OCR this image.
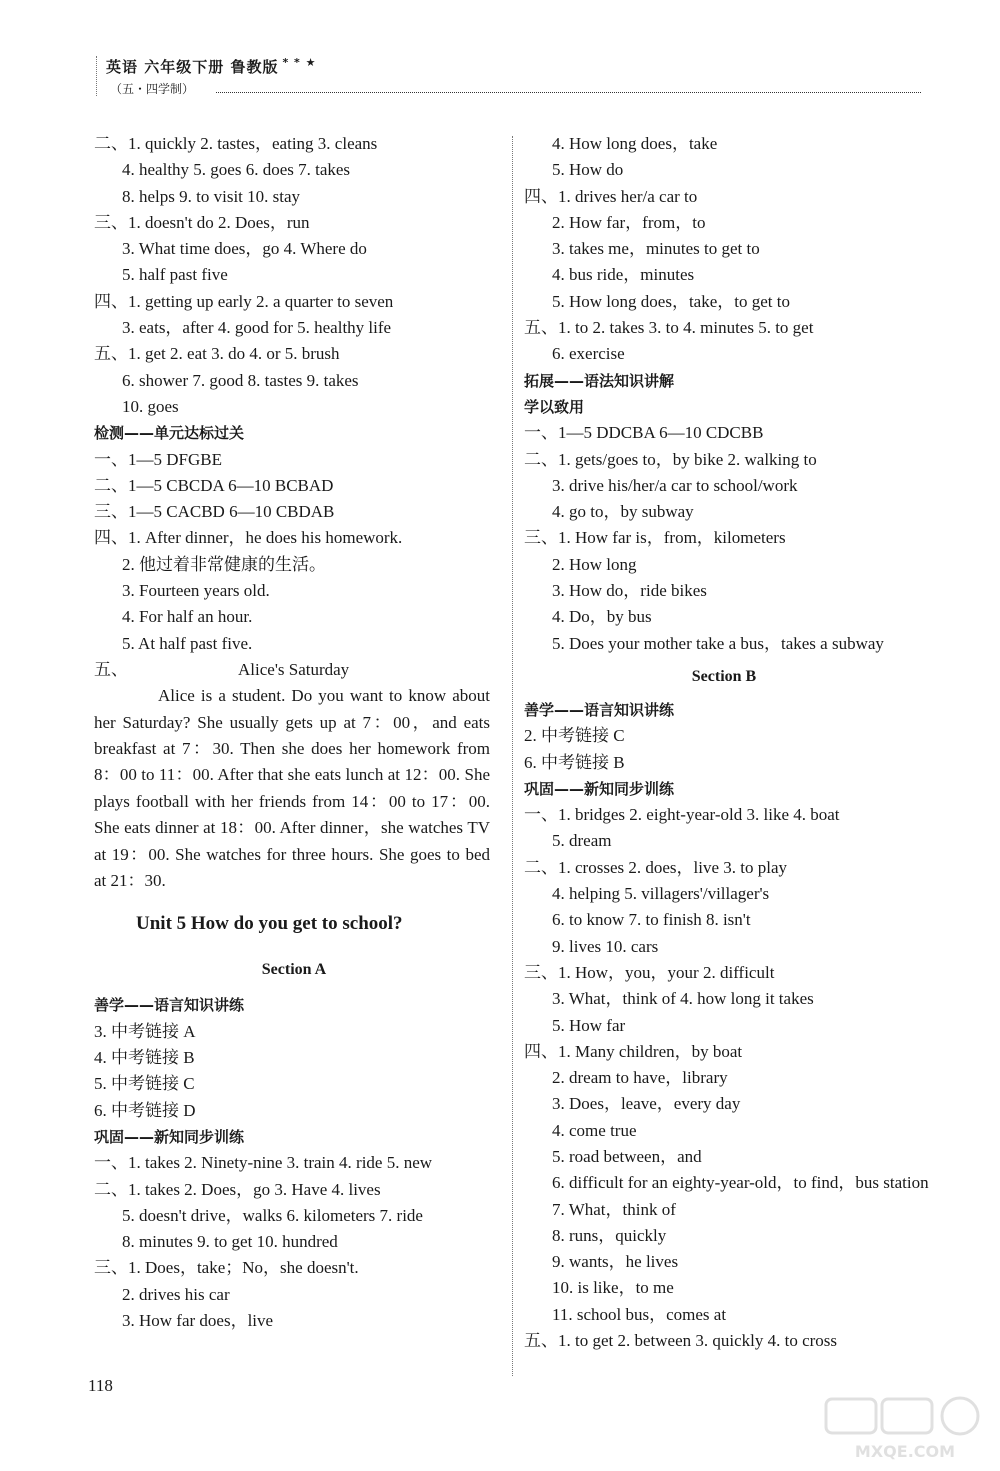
英语 六年级下册 鲁教版 * * ★
（五・四学制）
二、1. quickly 2. tastes，eating 3. cleans
4. healthy 5. goes 6. does 7. takes
8. helps 9. to visit 10. stay
三、1. doesn't do 2. Does，run
3. What time does，go 4. Where do
5. half past five
四、1. getting up early 2. a quarter to seven
3. eats，after 4. good for 5. healthy life
五、1. get 2. eat 3. do 4. or 5. brush
6. shower 7. good 8. tastes 9. takes
10. goes
检测——单元达标过关
一、1—5 DFGBE
二、1—5 CBCDA 6—10 BCBAD
三、1—5 CACBD 6—10 CBDAB
四、1. After dinner，he does his homework.
2. 他过着非常健康的生活。
3. Fourteen years old.
4. For half an hour.
5. At half past five.
五、	Alice's Saturday
Alice is a student. Do you want to know about her Saturday? She usually gets up at 7：00，and eats breakfast at 7：30. Then she does her homework from 8：00 to 11：00. After that she eats lunch at 12：00. She plays football with her friends from 14：00 to 17：00. She eats dinner at 18：00. After dinner，she watches TV at 19：00. She watches for three hours. She goes to bed at 21：30.
Unit 5 How do you get to school?
Section A
善学——语言知识讲练
3. 中考链接 A
4. 中考链接 B
5. 中考链接 C
6. 中考链接 D
巩固——新知同步训练
一、1. takes 2. Ninety-nine 3. train 4. ride 5. new
二、1. takes 2. Does，go 3. Have 4. lives
5. doesn't drive，walks 6. kilometers 7. ride
8. minutes 9. to get 10. hundred
三、1. Does，take；No，she doesn't.
2. drives his car
3. How far does，live
4. How long does，take
5. How do
四、1. drives her/a car to
2. How far，from，to
3. takes me，minutes to get to
4. bus ride，minutes
5. How long does，take，to get to
五、1. to 2. takes 3. to 4. minutes 5. to get
6. exercise
拓展——语法知识讲解
学以致用
一、1—5 DDCBA 6—10 CDCBB
二、1. gets/goes to，by bike 2. walking to
3. drive his/her/a car to school/work
4. go to，by subway
三、1. How far is，from，kilometers
2. How long
3. How do，ride bikes
4. Do，by bus
5. Does your mother take a bus，takes a subway
Section B
善学——语言知识讲练
2. 中考链接 C
6. 中考链接 B
巩固——新知同步训练
一、1. bridges 2. eight-year-old 3. like 4. boat
5. dream
二、1. crosses 2. does，live 3. to play
4. helping 5. villagers'/villager's
6. to know 7. to finish 8. isn't
9. lives 10. cars
三、1. How，you，your 2. difficult
3. What，think of 4. how long it takes
5. How far
四、1. Many children，by boat
2. dream to have，library
3. Does，leave，every day
4. come true
5. road between，and
6. difficult for an eighty-year-old，to find，bus station
7. What，think of
8. runs，quickly
9. wants，he lives
10. is like，to me
11. school bus，comes at
五、1. to get 2. between 3. quickly 4. to cross
118
MXQE.COM
